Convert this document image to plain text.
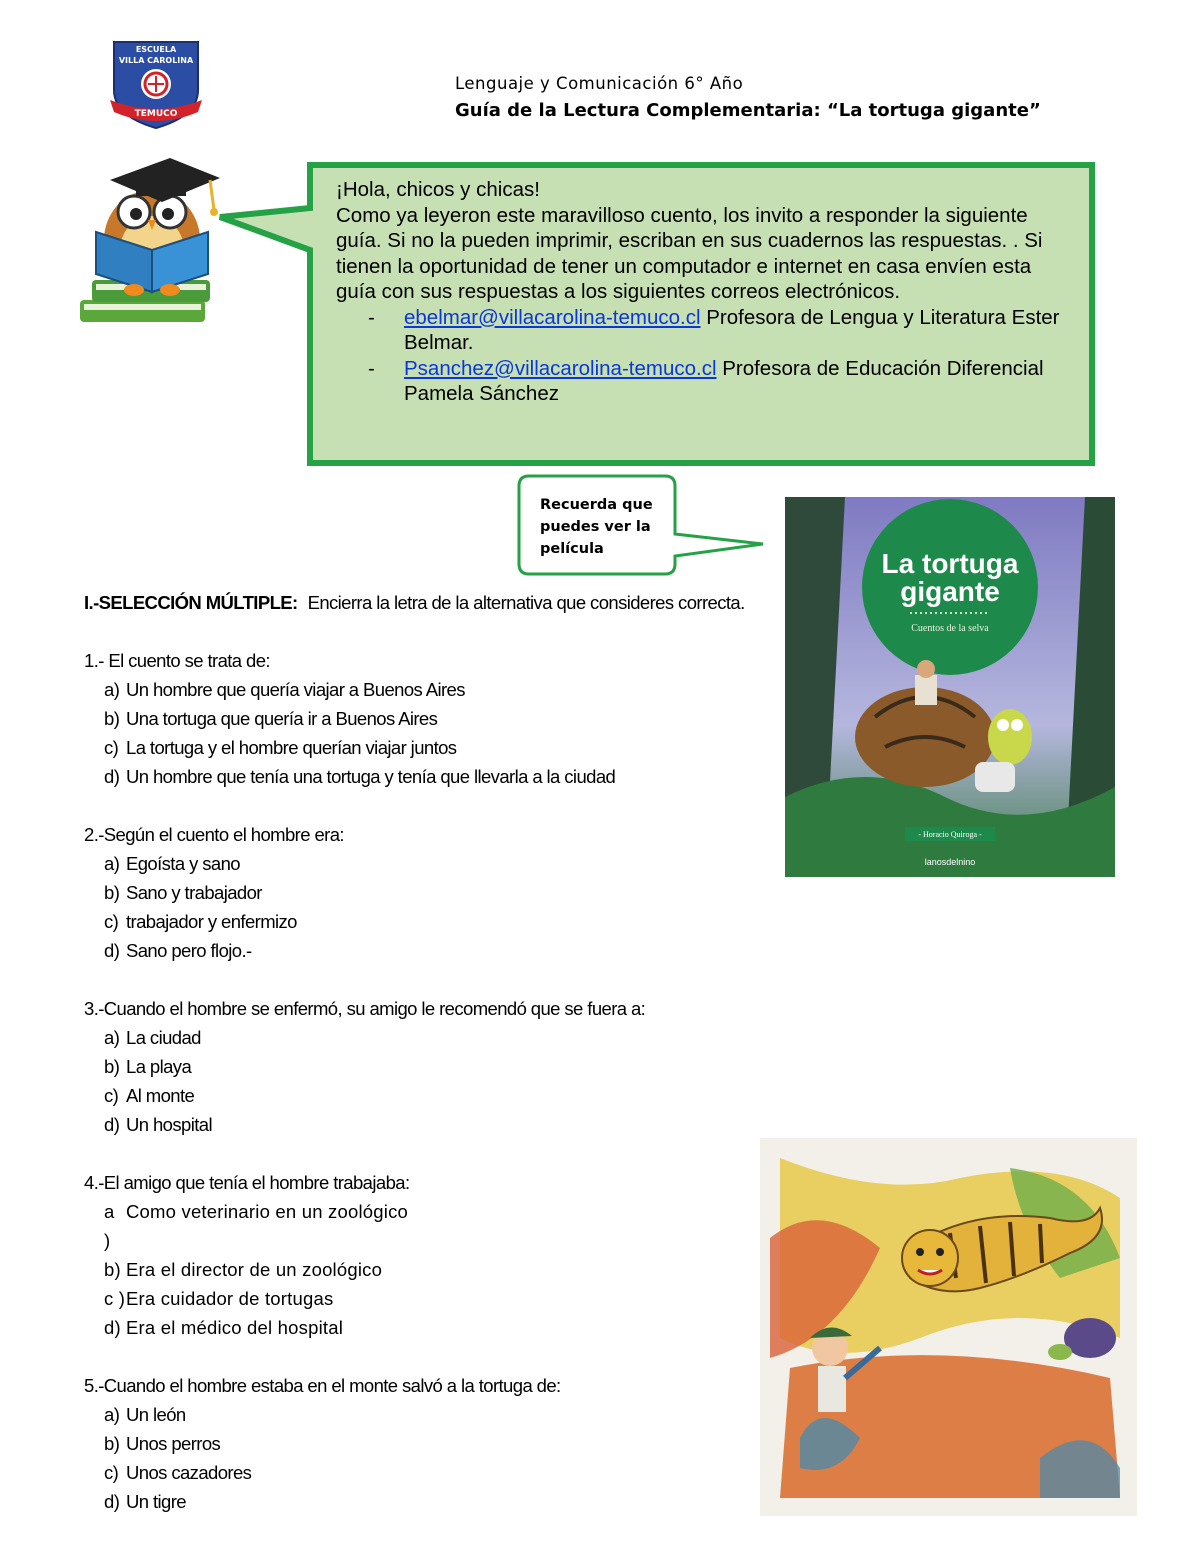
ESCUELA
VILLA CAROLINA
TEMUCO
Lenguaje y Comunicación 6° Año
Guía de la Lectura Complementaria: “La tortuga gigante”

¡Hola, chicos y chicas!

Como ya leyeron este maravilloso cuento, los invito a responder la siguiente guía. Si no la pueden imprimir, escriban en sus cuadernos las respuestas. . Si tienen la oportunidad de tener un computador e internet en casa envíen esta guía con sus respuestas a los siguientes correos electrónicos.

-	ebelmar@villacarolina-temuco.cl Profesora de Lengua y Literatura Ester Belmar.
-	Psanchez@villacarolina-temuco.cl Profesora de Educación Diferencial Pamela Sánchez
Recuerda que puedes ver la película	La tortuga
gigante
Cuentos de la selva
- Horacio Quiroga -
lanosdelnino
I.-SELECCIÓN MÚLTIPLE: Encierra la letra de la alternativa que consideres correcta.

1.- El cuento se trata de:

a) Un hombre que quería viajar a Buenos Aires
b) Una tortuga que quería ir a Buenos Aires
c) La tortuga y el hombre querían viajar juntos
d) Un hombre que tenía una tortuga y tenía que llevarla a la ciudad

2.-Según el cuento el hombre era:

a) Egoísta y sano
b) Sano y trabajador
c) trabajador y enfermizo
d) Sano pero flojo.-

3.-Cuando el hombre se enfermó, su amigo le recomendó que se fuera a:

a) La ciudad
b) La playa
c) Al monte
d) Un hospital

4.-El amigo que tenía el hombre trabajaba:

a )
Como veterinario en un zoológico
b) Era el director de un zoológico
c ) Era cuidador de tortugas
d) Era el médico del hospital

5.-Cuando el hombre estaba en el monte salvó a la tortuga de:

a) Un león
b) Unos perros
c) Unos cazadores
d) Un tigre
